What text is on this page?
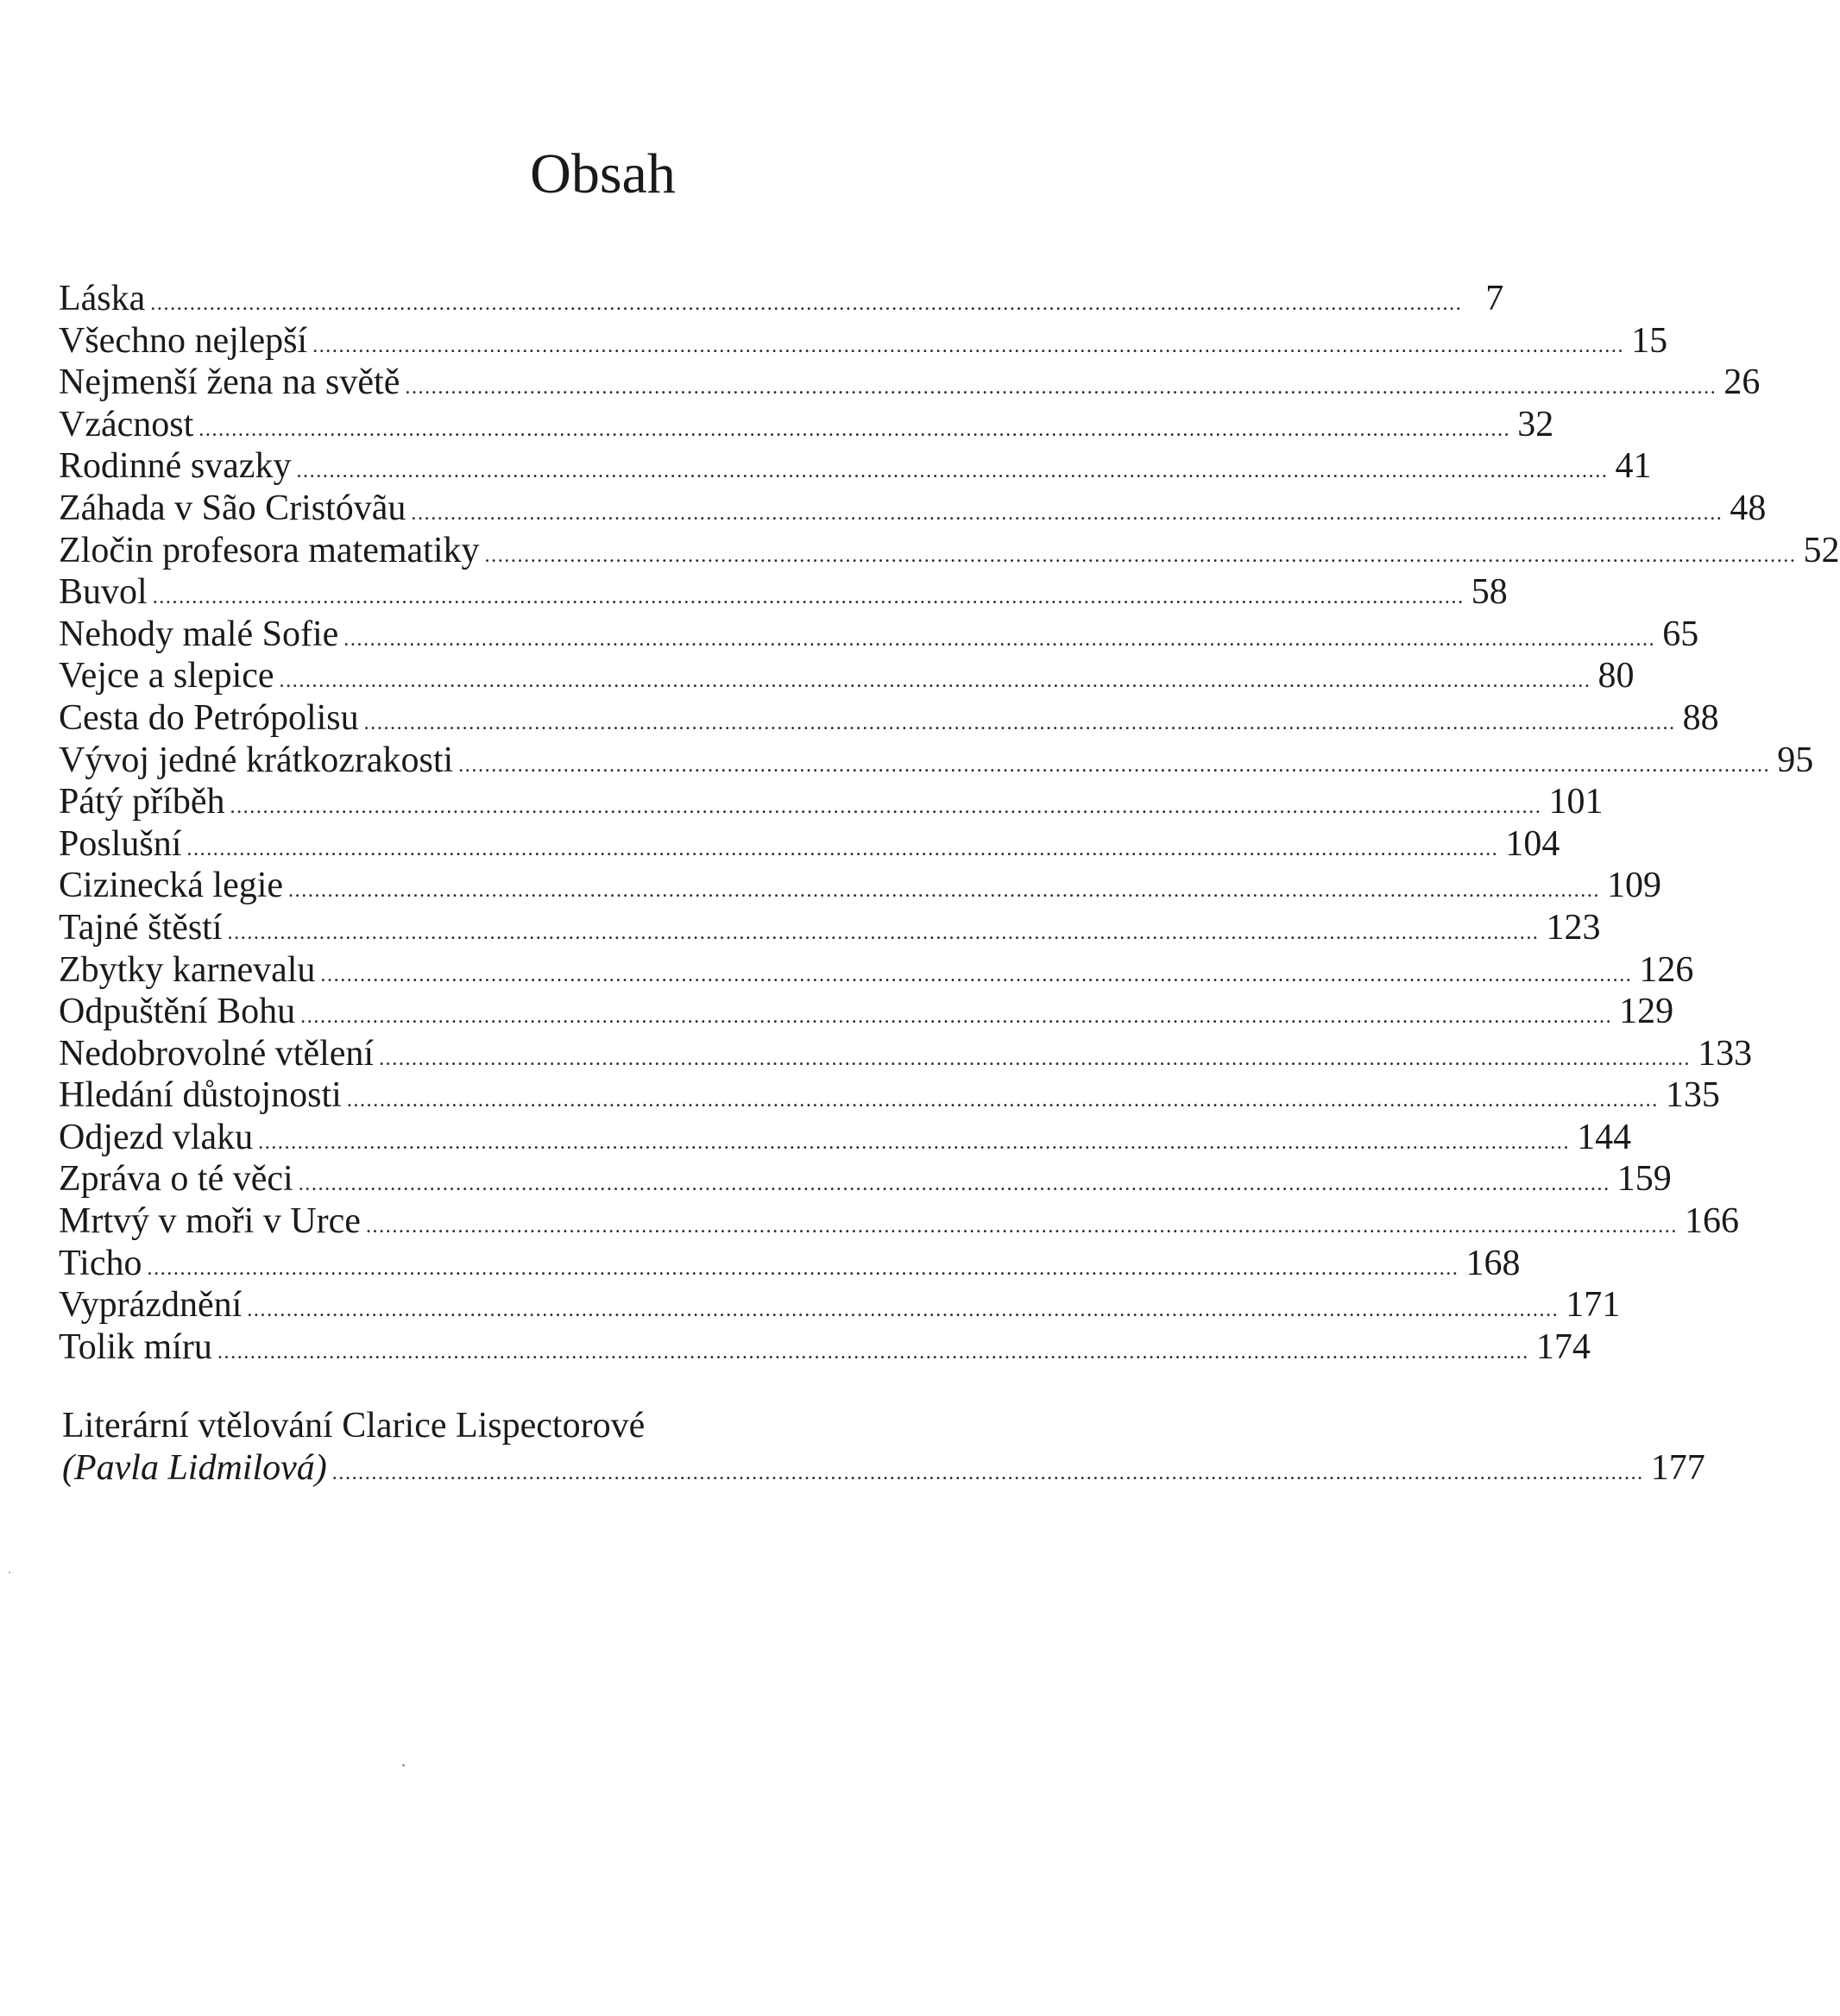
Obsah
Láska ........................................................................................................................................................................................................ 7
Všechno nejlepší ........................................................................................................................................................................................................ 15
Nejmenší žena na světě ........................................................................................................................................................................................................ 26
Vzácnost ........................................................................................................................................................................................................ 32
Rodinné svazky ........................................................................................................................................................................................................ 41
Záhada v São Cristóvãu ........................................................................................................................................................................................................ 48
Zločin profesora matematiky ........................................................................................................................................................................................................ 52
Buvol ........................................................................................................................................................................................................ 58
Nehody malé Sofie ........................................................................................................................................................................................................ 65
Vejce a slepice ........................................................................................................................................................................................................ 80
Cesta do Petrópolisu ........................................................................................................................................................................................................ 88
Vývoj jedné krátkozrakosti ........................................................................................................................................................................................................ 95
Pátý příběh ........................................................................................................................................................................................................ 101
Poslušní ........................................................................................................................................................................................................ 104
Cizinecká legie ........................................................................................................................................................................................................ 109
Tajné štěstí ........................................................................................................................................................................................................ 123
Zbytky karnevalu ........................................................................................................................................................................................................ 126
Odpuštění Bohu ........................................................................................................................................................................................................ 129
Nedobrovolné vtělení ........................................................................................................................................................................................................ 133
Hledání důstojnosti ........................................................................................................................................................................................................ 135
Odjezd vlaku ........................................................................................................................................................................................................ 144
Zpráva o té věci ........................................................................................................................................................................................................ 159
Mrtvý v moři v Urce ........................................................................................................................................................................................................ 166
Ticho ........................................................................................................................................................................................................ 168
Vyprázdnění ........................................................................................................................................................................................................ 171
Tolik míru ........................................................................................................................................................................................................ 174
Literární vtělování Clarice Lispectorové
(Pavla Lidmilová) ........................................................................................................................................................................................................ 177
